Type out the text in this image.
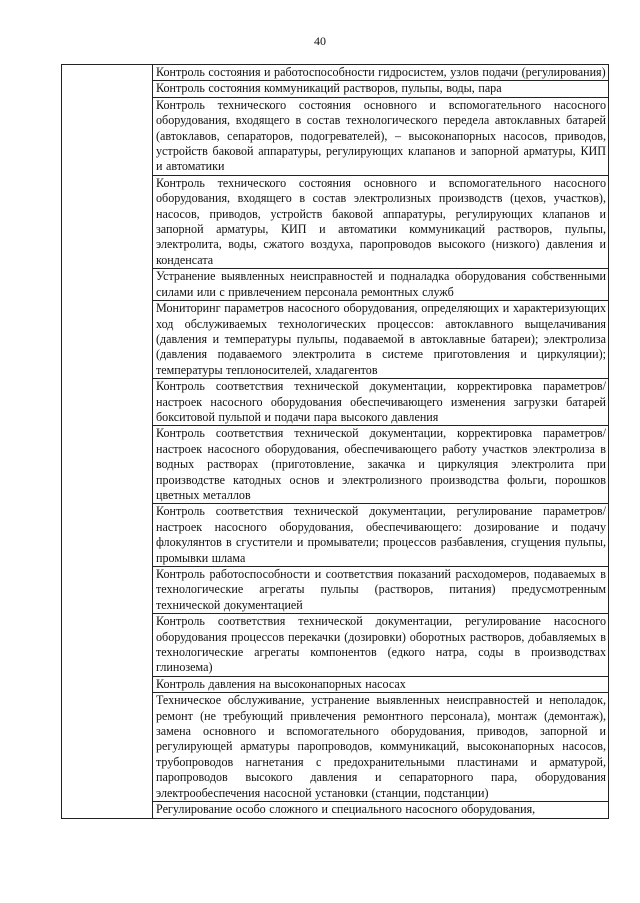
40

Контроль состояния и работоспособности гидросистем, узлов подачи (регулирования)

Контроль состояния коммуникаций растворов, пульпы, воды, пара

Контроль технического состояния основного и вспомогательного насосного оборудования, входящего в состав технологического передела автоклавных батарей (автоклавов, сепараторов, подогревателей), – высоконапорных насосов, приводов, устройств баковой аппаратуры, регулирующих клапанов и запорной арматуры, КИП и автоматики

Контроль технического состояния основного и вспомогательного насосного оборудования, входящего в состав электролизных производств (цехов, участков), насосов, приводов, устройств баковой аппаратуры, регулирующих клапанов и запорной арматуры, КИП и автоматики коммуникаций растворов, пульпы, электролита, воды, сжатого воздуха, паропроводов высокого (низкого) давления и конденсата

Устранение выявленных неисправностей и подналадка оборудования собственными силами или с привлечением персонала ремонтных служб

Мониторинг параметров насосного оборудования, определяющих и характеризующих ход обслуживаемых технологических процессов: автоклавного выщелачивания (давления и температуры пульпы, подаваемой в автоклавные батареи); электролиза (давления подаваемого электролита в системе приготовления и циркуляции); температуры теплоносителей, хладагентов

Контроль соответствия технической документации, корректировка параметров/настроек насосного оборудования обеспечивающего изменения загрузки батарей бокситовой пульпой и подачи пара высокого давления

Контроль соответствия технической документации, корректировка параметров/настроек насосного оборудования, обеспечивающего работу участков электролиза в водных растворах (приготовление, закачка и циркуляция электролита при производстве катодных основ и электролизного производства фольги, порошков цветных металлов

Контроль соответствия технической документации, регулирование параметров/настроек насосного оборудования, обеспечивающего: дозирование и подачу флокулянтов в сгустители и промыватели; процессов разбавления, сгущения пульпы, промывки шлама

Контроль работоспособности и соответствия показаний расходомеров, подаваемых в технологические агрегаты пульпы (растворов, питания) предусмотренным технической документацией

Контроль соответствия технической документации, регулирование насосного оборудования процессов перекачки (дозировки) оборотных растворов, добавляемых в технологические агрегаты компонентов (едкого натра, соды в производствах глинозема)

Контроль давления на высоконапорных насосах

Техническое обслуживание, устранение выявленных неисправностей и неполадок, ремонт (не требующий привлечения ремонтного персонала), монтаж (демонтаж), замена основного и вспомогательного оборудования, приводов, запорной и регулирующей арматуры паропроводов, коммуникаций, высоконапорных насосов, трубопроводов нагнетания с предохранительными пластинами и арматурой, паропроводов высокого давления и сепараторного пара, оборудования электрообеспечения насосной установки (станции, подстанции)

Регулирование особо сложного и специального насосного оборудования,
